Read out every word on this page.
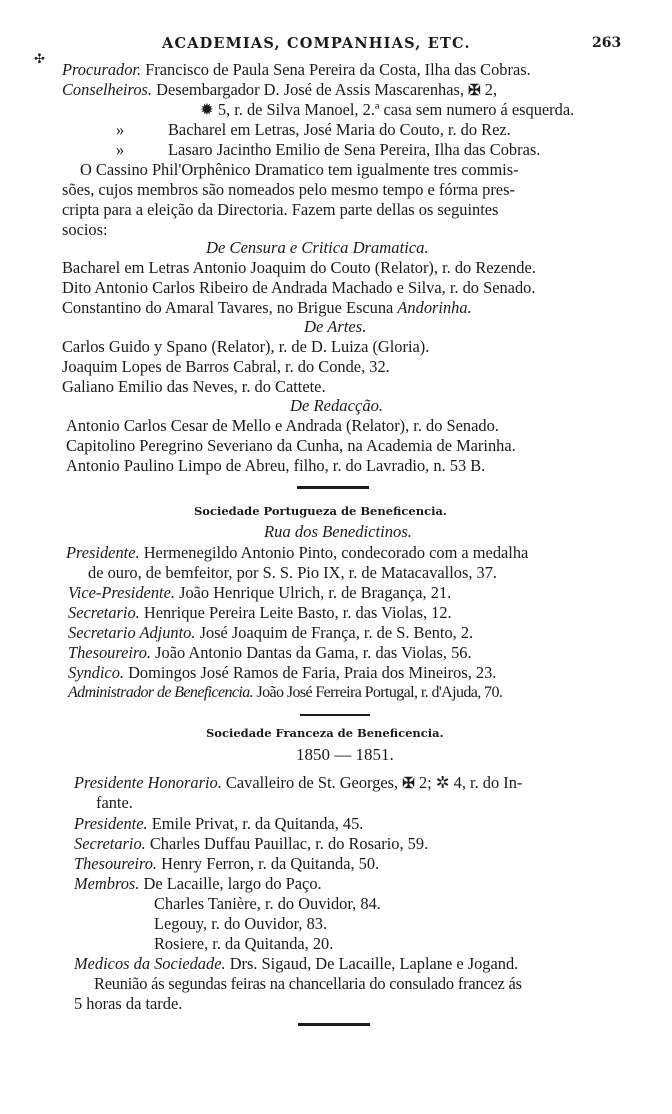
✣
ACADEMIAS, COMPANHIAS, ETC.	263
Procurador. Francisco de Paula Sena Pereira da Costa, Ilha das Cobras.
Conselheiros. Desembargador D. José de Assis Mascarenhas, ✠ 2,
✹ 5, r. de Silva Manoel, 2.ª casa sem numero á esquerda.
»	Bacharel em Letras, José Maria do Couto, r. do Rez.
»	Lasaro Jacintho Emilio de Sena Pereira, Ilha das Cobras.
O Cassino Phil'Orphênico Dramatico tem igualmente tres commis-
sões, cujos membros são nomeados pelo mesmo tempo e fórma pres-
cripta para a eleição da Directoria. Fazem parte dellas os seguintes
socios:
De Censura e Critica Dramatica.
Bacharel em Letras Antonio Joaquim do Couto (Relator), r. do Rezende.
Dito Antonio Carlos Ribeiro de Andrada Machado e Silva, r. do Senado.
Constantino do Amaral Tavares, no Brigue Escuna Andorinha.
De Artes.
Carlos Guido y Spano (Relator), r. de D. Luiza (Gloria).
Joaquim Lopes de Barros Cabral, r. do Conde, 32.
Galiano Emilio das Neves, r. do Cattete.
De Redacção.
Antonio Carlos Cesar de Mello e Andrada (Relator), r. do Senado.
Capitolino Peregrino Severiano da Cunha, na Academia de Marinha.
Antonio Paulino Limpo de Abreu, filho, r. do Lavradio, n. 53 B.
Sociedade Portugueza de Beneficencia.
Rua dos Benedictinos.
Presidente. Hermenegildo Antonio Pinto, condecorado com a medalha
de ouro, de bemfeitor, por S. S. Pio IX, r. de Matacavallos, 37.
Vice-Presidente. João Henrique Ulrich, r. de Bragança, 21.
Secretario. Henrique Pereira Leite Basto, r. das Violas, 12.
Secretario Adjunto. José Joaquim de França, r. de S. Bento, 2.
Thesoureiro. João Antonio Dantas da Gama, r. das Violas, 56.
Syndico. Domingos José Ramos de Faria, Praia dos Mineiros, 23.
Administrador de Beneficencia. João José Ferreira Portugal, r. d'Ajuda, 70.
Sociedade Franceza de Beneficencia.
1850 — 1851.
Presidente Honorario. Cavalleiro de St. Georges, ✠ 2; ✲ 4, r. do In-
fante.
Presidente. Emile Privat, r. da Quitanda, 45.
Secretario. Charles Duffau Pauillac, r. do Rosario, 59.
Thesoureiro. Henry Ferron, r. da Quitanda, 50.
Membros. De Lacaille, largo do Paço.
Charles Tanière, r. do Ouvidor, 84.
Legouy, r. do Ouvidor, 83.
Rosiere, r. da Quitanda, 20.
Medicos da Sociedade. Drs. Sigaud, De Lacaille, Laplane e Jogand.
Reunião ás segundas feiras na chancellaria do consulado francez ás
5 horas da tarde.
